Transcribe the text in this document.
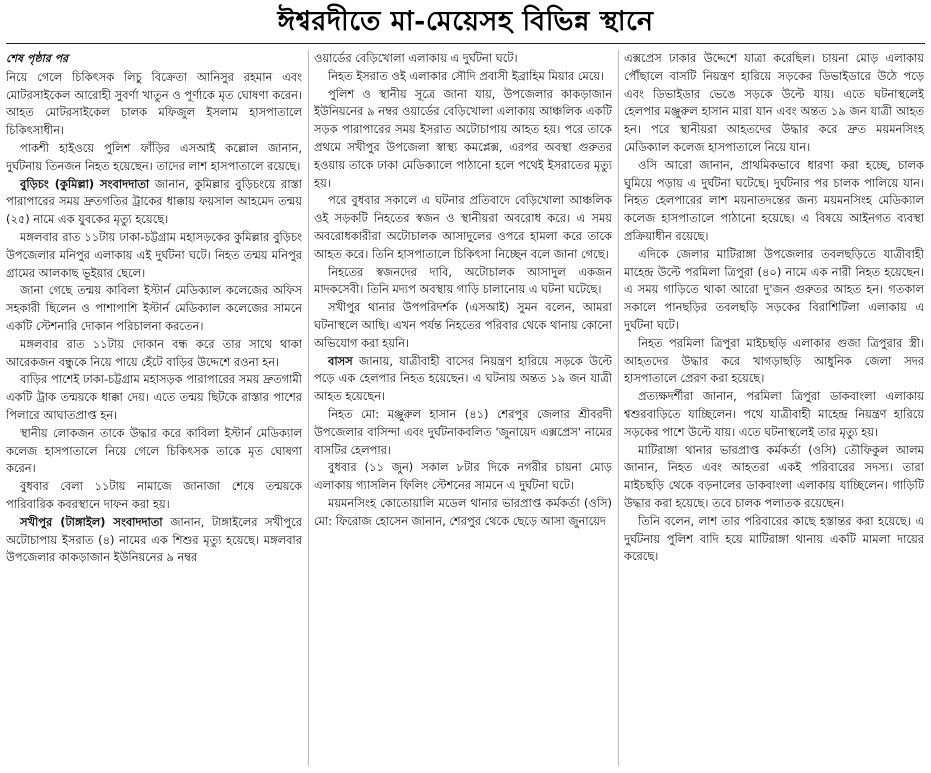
ঈশ্বরদীতে মা-মেয়েসহ বিভিন্ন স্থানে
শেষ পৃষ্ঠার পর

নিয়ে গেলে চিকিৎসক লিচু বিক্রেতা আনিসুর রহমান এবং মোটরসাইকেল আরোহী সুবর্ণা খাতুন ও পূর্ণাকে মৃত ঘোষণা করেন। আহত মোটরসাইকেল চালক মফিজুল ইসলাম হাসপাতালে চিকিৎসাধীন।

পাকশী হাইওয়ে পুলিশ ফাঁড়ির এসআই কল্লোল জানান, দুর্ঘটনায় তিনজন নিহত হয়েছেন। তাদের লাশ হাসপাতালে রয়েছে।

বুড়িচং (কুমিল্লা) সংবাদদাতা জানান, কুমিল্লার বুড়িচংয়ে রাস্তা পারাপারের সময় দ্রুতগতির ট্রাকের ধাক্কায় ফয়সাল আহমেদ তন্ময় (২৫) নামে এক যুবকের মৃত্যু হয়েছে।

মঙ্গলবার রাত ১১টায় ঢাকা-চট্টগ্রাম মহাসড়কের কুমিল্লার বুড়িচং উপজেলার মনিপুর এলাকায় এই দুর্ঘটনা ঘটে। নিহত তন্ময় মনিপুর গ্রামের আলকাছ ভূইয়ার ছেলে।

জানা গেছে তন্ময় কাবিলা ইস্টার্ন মেডিক্যাল কলেজের অফিস সহকারী ছিলেন ও পাশাপাশি ইস্টার্ন মেডিক্যাল কলেজের সামনে একটি স্টেশনারি দোকান পরিচালনা করতেন।

মঙ্গলবার রাত ১১টায় দোকান বন্ধ করে তার সাথে থাকা আরেকজন বন্ধুকে নিয়ে পায়ে হেঁটে বাড়ির উদ্দেশে রওনা হন।

বাড়ির পাশেই ঢাকা-চট্টগ্রাম মহাসড়ক পারাপারের সময় দ্রুতগামী একটি ট্রাক তন্ময়কে ধাক্কা দেয়। এতে তন্ময় ছিটকে রাস্তার পাশের পিলারে আঘাতপ্রাপ্ত হন।

স্থানীয় লোকজন তাকে উদ্ধার করে কাবিলা ইস্টার্ন মেডিক্যাল কলেজ হাসপাতালে নিয়ে গেলে চিকিৎসক তাকে মৃত ঘোষণা করেন।

বুধবার বেলা ১১টায় নামাজে জানাজা শেষে তন্ময়কে পারিবারিক কবরস্থানে দাফন করা হয়।

সখীপুর (টাঙ্গাইল) সংবাদদাতা জানান, টাঙ্গাইলের সখীপুরে অটোচাপায় ইসরাত (৪) নামের এক শিশুর মৃত্যু হয়েছে। মঙ্গলবার উপজেলার কাকড়াজান ইউনিয়নের ৯ নম্বর

ওয়ার্ডের বেড়িখোলা এলাকায় এ দুর্ঘটনা ঘটে।

নিহত ইসরাত ওই এলাকার সৌদি প্রবাসী ইব্রাহিম মিয়ার মেয়ে।

পুলিশ ও স্থানীয় সূত্রে জানা যায়, উপজেলার কাকড়াজান ইউনিয়নের ৯ নম্বর ওয়ার্ডের বেড়িখোলা এলাকায় আঞ্চলিক একটি সড়ক পারাপারের সময় ইসরাত অটোচাপায় আহত হয়। পরে তাকে প্রথমে সখীপুর উপজেলা স্বাস্থ্য কমপ্লেক্স, এরপর অবস্থা গুরুতর হওয়ায় তাকে ঢাকা মেডিক্যালে পাঠানো হলে পথেই ইসরাতের মৃত্যু হয়।

পরে বুধবার সকালে এ ঘটনার প্রতিবাদে বেড়িখোলা আঞ্চলিক ওই সড়কটি নিহতের স্বজন ও স্থানীয়রা অবরোধ করে। এ সময় অবরোধকারীরা অটোচালক আসাদুলের ওপরে হামলা করে তাকে আহত করে। তিনি হাসপাতালে চিকিৎসা নিচ্ছেন বলে জানা গেছে।

নিহতের স্বজনদের দাবি, অটোচালক আসাদুল একজন মাদকসেবী। তিনি মদ্যপ অবস্থায় গাড়ি চালানোয় এ ঘটনা ঘটেছে।

সখীপুর থানার উপপরিদর্শক (এসআই) সুমন বলেন, আমরা ঘটনাস্থলে আছি। এখন পর্যন্ত নিহতের পরিবার থেকে থানায় কোনো অভিযোগ করা হয়নি।

বাসস জানায়, যাত্রীবাহী বাসের নিয়ন্ত্রণ হারিয়ে সড়কে উল্টে পড়ে এক হেলপার নিহত হয়েছেন। এ ঘটনায় অন্তত ১৯ জন যাত্রী আহত হয়েছেন।

নিহত মো: মঞ্জুরুল হাসান (৪১) শেরপুর জেলার শ্রীবরদী উপজেলার বাসিন্দা এবং দুর্ঘটনাকবলিত 'জুনায়েদ এক্সপ্রেস' নামের বাসটির হেলপার।

বুধবার (১১ জুন) সকাল ৮টার দিকে নগরীর চায়না মোড় এলাকায় গ্যাসলিন ফিলিং স্টেশনের সামনে এ দুর্ঘটনা ঘটে।

ময়মনসিংহ কোতোয়ালি মডেল থানার ভারপ্রাপ্ত কর্মকর্তা (ওসি) মো: ফিরোজ হোসেন জানান, শেরপুর থেকে ছেড়ে আসা জুনায়েদ

এক্সপ্রেস ঢাকার উদ্দেশে যাত্রা করেছিল। চায়না মোড় এলাকায় পৌঁছালে বাসটি নিয়ন্ত্রণ হারিয়ে সড়কের ডিভাইডারে উঠে পড়ে এবং ডিভাইডার ভেঙে সড়কে উল্টে যায়। এতে ঘটনাস্থলেই হেলপার মঞ্জুরুল হাসান মারা যান এবং অন্তত ১৯ জন যাত্রী আহত হন। পরে স্থানীয়রা আহতদের উদ্ধার করে দ্রুত ময়মনসিংহ মেডিক্যাল কলেজ হাসপাতালে নিয়ে যান।

ওসি আরো জানান, প্রাথমিকভাবে ধারণা করা হচ্ছে, চালক ঘুমিয়ে পড়ায় এ দুর্ঘটনা ঘটেছে। দুর্ঘটনার পর চালক পালিয়ে যান। নিহত হেলপারের লাশ ময়নাতদন্তের জন্য ময়মনসিংহ মেডিক্যাল কলেজ হাসপাতালে পাঠানো হয়েছে। এ বিষয়ে আইনগত ব্যবস্থা প্রক্রিয়াধীন রয়েছে।

এদিকে জেলার মাটিরাঙ্গা উপজেলার তবলছড়িতে যাত্রীবাহী মাহেন্দ্র উল্টে পরমিলা ত্রিপুরা (৪০) নামে এক নারী নিহত হয়েছেন। এ সময় গাড়িতে থাকা আরো দু'জন গুরুতর আহত হন। গতকাল সকালে পানছড়ির তবলছড়ি সড়কের বিরাশিটিলা এলাকায় এ দুর্ঘটনা ঘটে।

নিহত পরমিলা ত্রিপুরা মাইচছড়ি এলাকার গুজা ত্রিপুরার স্ত্রী। আহতদের উদ্ধার করে খাগড়াছড়ি আধুনিক জেলা সদর হাসপাতালে প্রেরণ করা হয়েছে।

প্রত্যক্ষদর্শীরা জানান, পরমিলা ত্রিপুরা ডাকবাংলা এলাকায় শ্বশুরবাড়িতে যাচ্ছিলেন। পথে যাত্রীবাহী মাহেন্দ্র নিয়ন্ত্রণ হারিয়ে সড়কের পাশে উল্টে যায়। এতে ঘটনাস্থলেই তার মৃত্যু হয়।

মাটিরাঙ্গা থানার ভারপ্রাপ্ত কর্মকর্তা (ওসি) তৌফিকুল আলম জানান, নিহত এবং আহতরা একই পরিবারের সদস্য। তারা মাইচছড়ি থেকে বড়নালের ডাকবাংলা এলাকায় যাচ্ছিলেন। গাড়িটি উদ্ধার করা হয়েছে। তবে চালক পলাতক রয়েছেন।

তিনি বলেন, লাশ তার পরিবারের কাছে হস্তান্তর করা হয়েছে। এ দুর্ঘটনায় পুলিশ বাদি হয়ে মাটিরাঙ্গা থানায় একটি মামলা দায়ের করেছে।
